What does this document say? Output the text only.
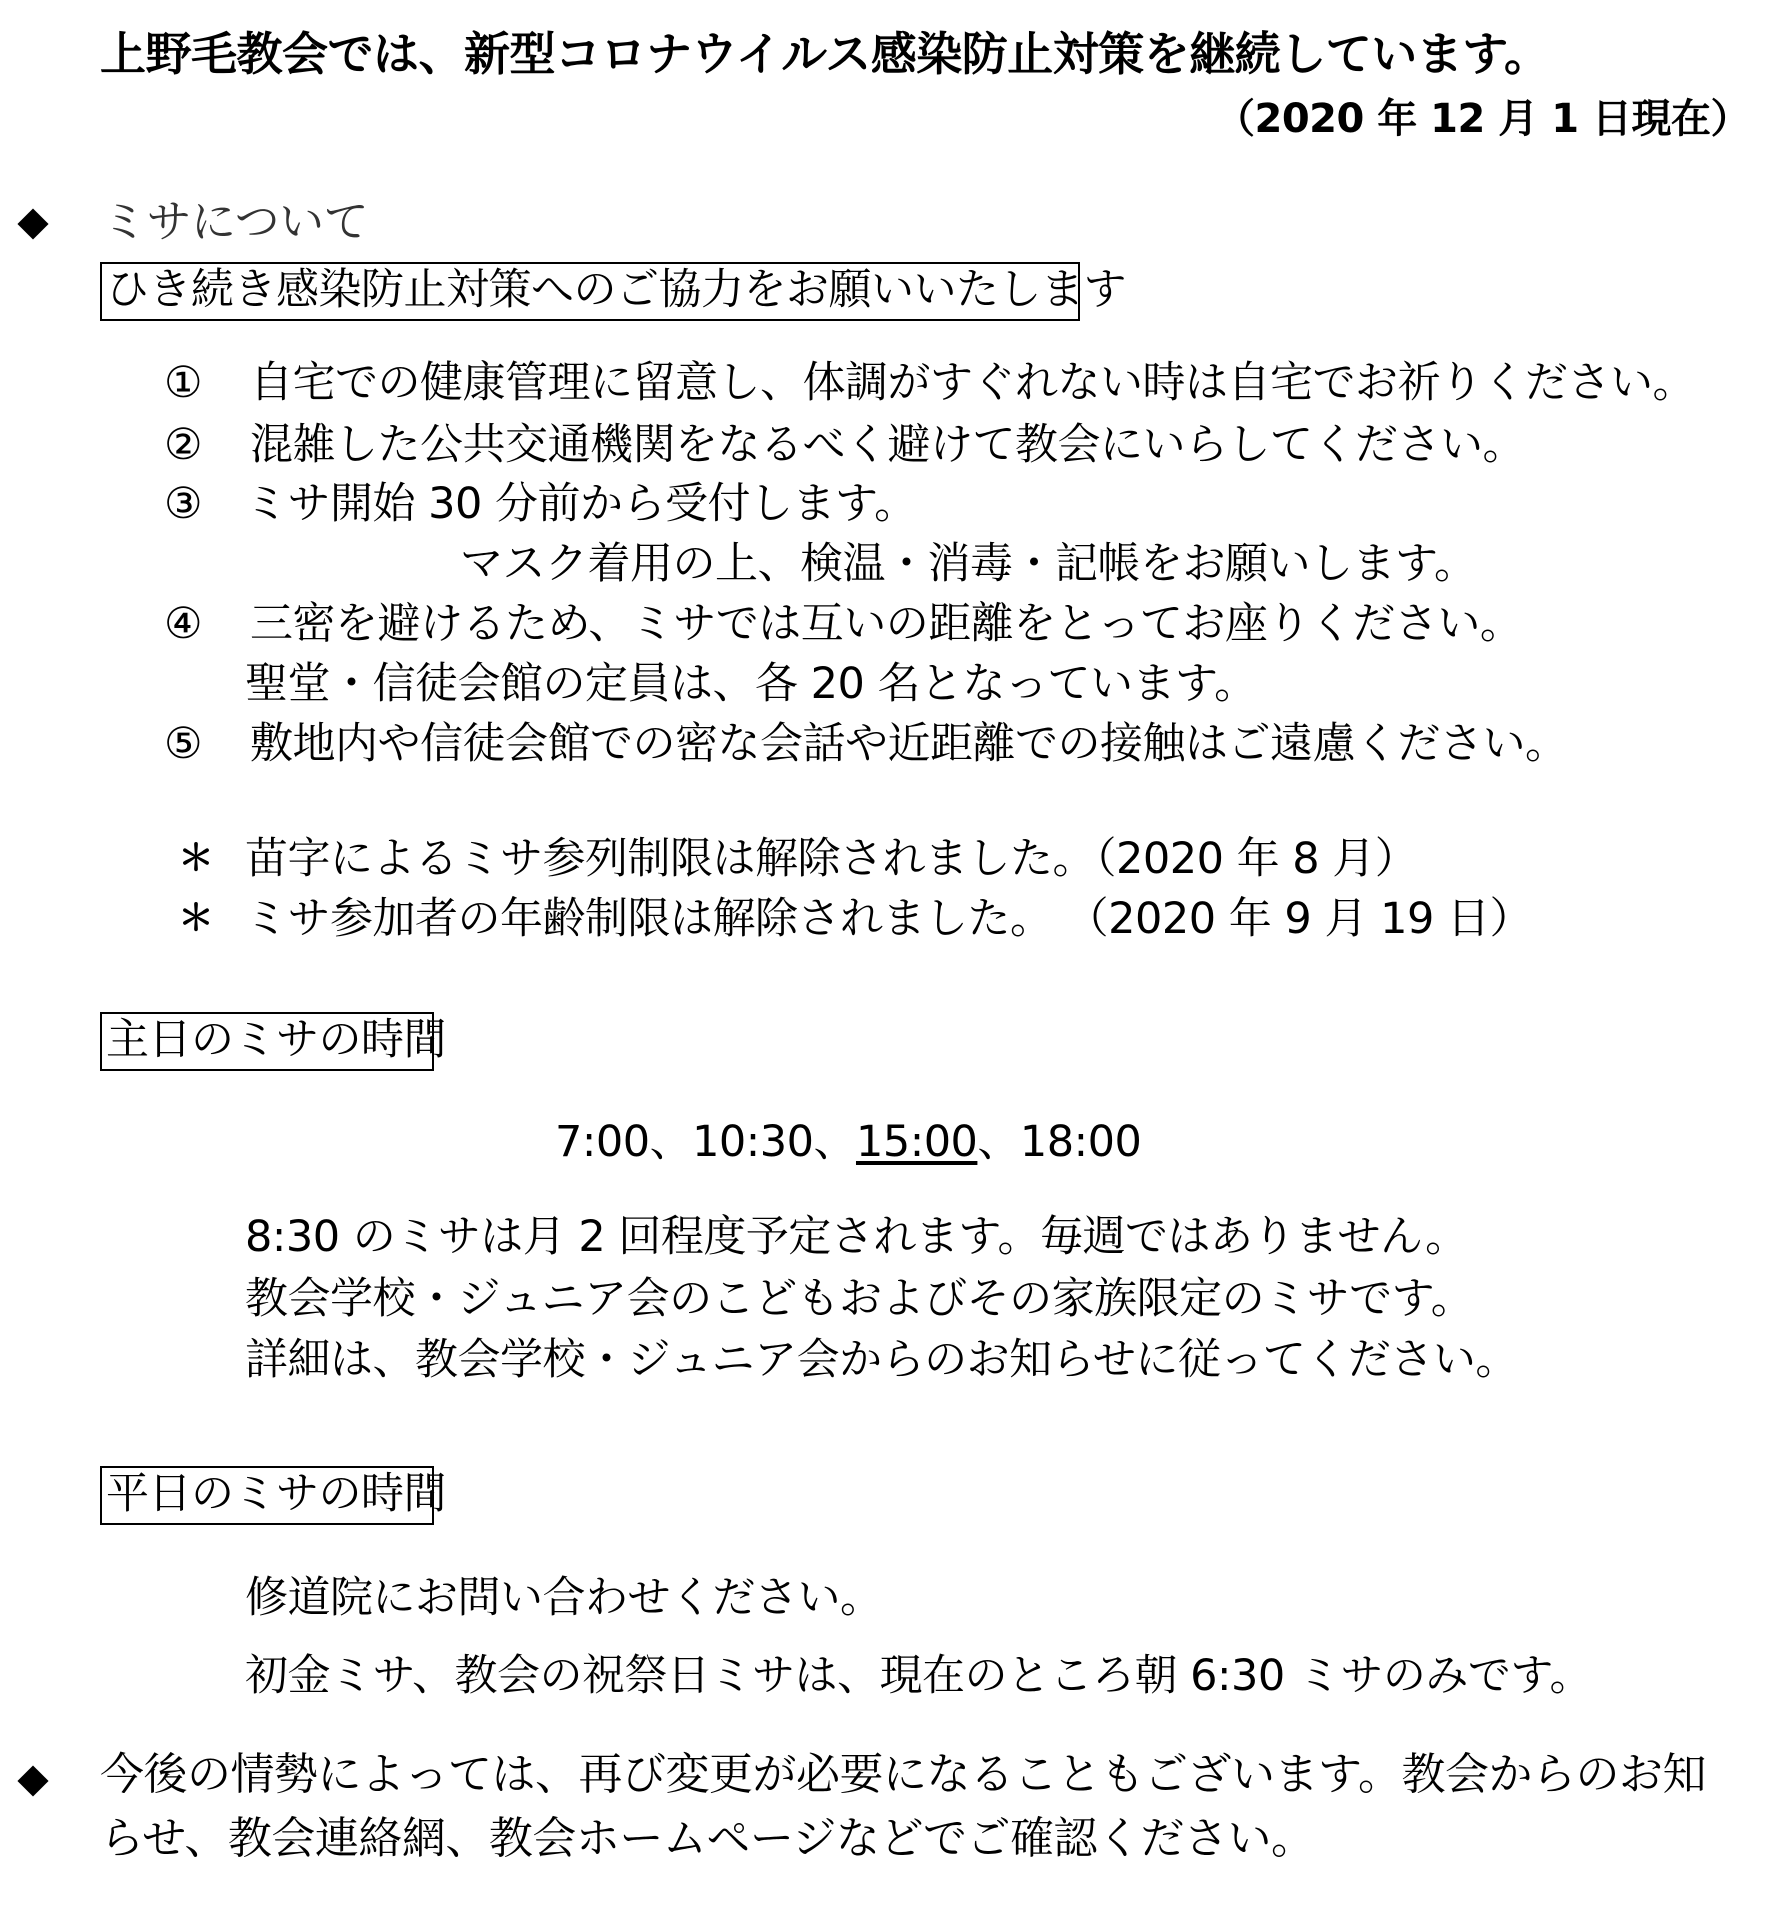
上野毛教会では、新型コロナウイルス感染防止対策を継続しています。
（2020 年 12 月 1 日現在）
ミサについて
ひき続き感染防止対策へのご協力をお願いいたします
① 自宅での健康管理に留意し、体調がすぐれない時は自宅でお祈りください。
② 混雑した公共交通機関をなるべく避けて教会にいらしてください。
③ ミサ開始 30 分前から受付します。
マスク着用の上、検温・消毒・記帳をお願いします。
④ 三密を避けるため、ミサでは互いの距離をとってお座りください。
聖堂・信徒会館の定員は、各 20 名となっています。
⑤ 敷地内や信徒会館での密な会話や近距離での接触はご遠慮ください。
＊ 苗字によるミサ参列制限は解除されました。（2020 年 8 月）
＊ ミサ参加者の年齢制限は解除されました。 （2020 年 9 月 19 日）
主日のミサの時間
7:00、10:30、15:00、18:00
8:30 のミサは月 2 回程度予定されます。毎週ではありません。
教会学校・ジュニア会のこどもおよびその家族限定のミサです。
詳細は、教会学校・ジュニア会からのお知らせに従ってください。
平日のミサの時間
修道院にお問い合わせください。
初金ミサ、教会の祝祭日ミサは、現在のところ朝 6:30 ミサのみです。
今後の情勢によっては、再び変更が必要になることもございます。教会からのお知
らせ、教会連絡網、教会ホームページなどでご確認ください。
